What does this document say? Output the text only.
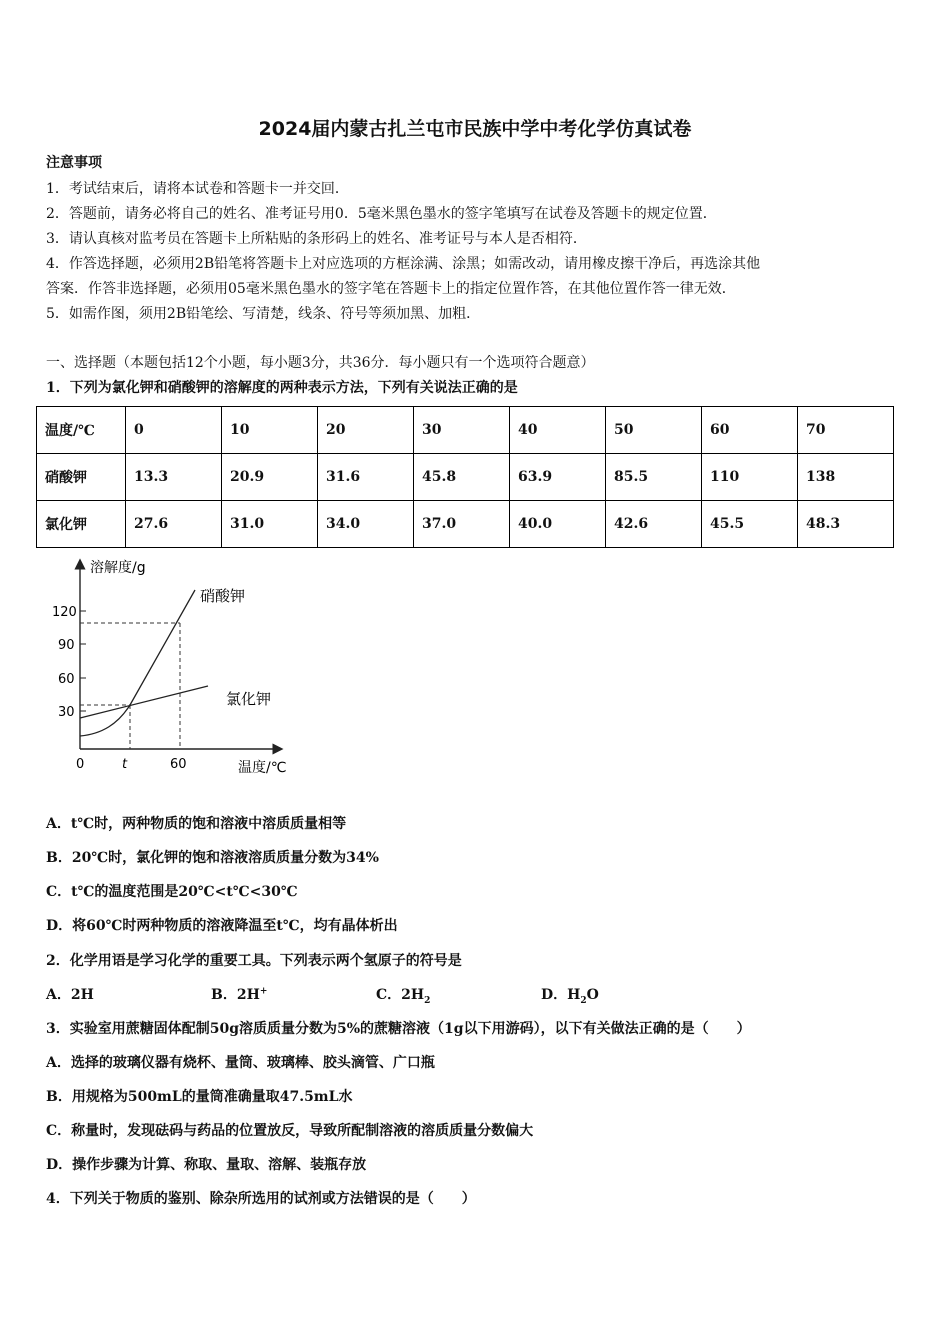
2024届内蒙古扎兰屯市民族中学中考化学仿真试卷
注意事项
1．考试结束后，请将本试卷和答题卡一并交回．
2．答题前，请务必将自己的姓名、准考证号用0．5毫米黑色墨水的签字笔填写在试卷及答题卡的规定位置．
3．请认真核对监考员在答题卡上所粘贴的条形码上的姓名、准考证号与本人是否相符．
4．作答选择题，必须用2B铅笔将答题卡上对应选项的方框涂满、涂黑；如需改动，请用橡皮擦干净后，再选涂其他
答案．作答非选择题，必须用05毫米黑色墨水的签字笔在答题卡上的指定位置作答，在其他位置作答一律无效．
5．如需作图，须用2B铅笔绘、写清楚，线条、符号等须加黑、加粗．
一、选择题（本题包括12个小题，每小题3分，共36分．每小题只有一个选项符合题意）
1．下列为氯化钾和硝酸钾的溶解度的两种表示方法，下列有关说法正确的是
温度/℃	0	10	20	30	40	50	60	70
硝酸钾	13.3	20.9	31.6	45.8	63.9	85.5	110	138
氯化钾	27.6	31.0	34.0	37.0	40.0	42.6	45.5	48.3
溶解度/g
温度/℃
120
90
60
30
0	t	60
硝酸钾
氯化钾
A．t℃时，两种物质的饱和溶液中溶质质量相等
B．20℃时，氯化钾的饱和溶液溶质质量分数为34%
C．t℃的温度范围是20℃<t℃<30℃
D．将60℃时两种物质的溶液降温至t℃，均有晶体析出
2．化学用语是学习化学的重要工具。下列表示两个氢原子的符号是
A．2H	B．2H+	C．$2H_2$	D．$H_2O$
3．实验室用蔗糖固体配制50g溶质质量分数为5%的蔗糖溶液（1g以下用游码），以下有关做法正确的是（　　）
A．选择的玻璃仪器有烧杯、量筒、玻璃棒、胶头滴管、广口瓶
B．用规格为500mL的量筒准确量取47.5mL水
C．称量时，发现砝码与药品的位置放反，导致所配制溶液的溶质质量分数偏大
D．操作步骤为计算、称取、量取、溶解、装瓶存放
4．下列关于物质的鉴别、除杂所选用的试剂或方法错误的是（　　）
